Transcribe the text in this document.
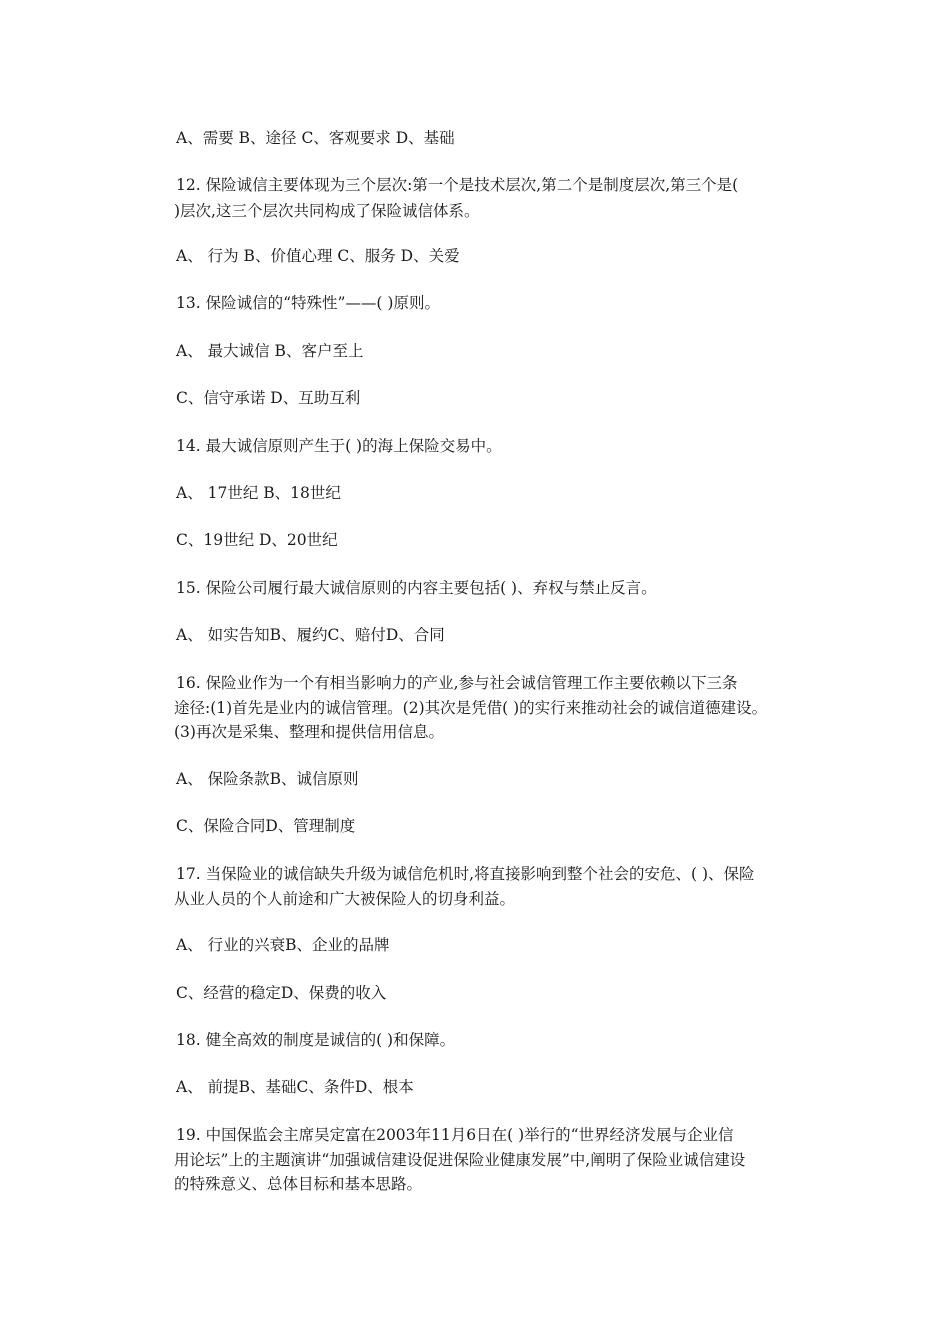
A、需要 B、途径 C、客观要求 D、基础
12. 保险诚信主要体现为三个层次:第一个是技术层次,第二个是制度层次,第三个是(
)层次,这三个层次共同构成了保险诚信体系。
A、 行为 B、价值心理 C、服务 D、关爱
13. 保险诚信的“特殊性”——( )原则。
A、 最大诚信 B、客户至上
C、信守承诺 D、互助互利
14. 最大诚信原则产生于( )的海上保险交易中。
A、 17世纪 B、18世纪
C、19世纪 D、20世纪
15. 保险公司履行最大诚信原则的内容主要包括( )、弃权与禁止反言。
A、 如实告知B、履约C、赔付D、合同
16. 保险业作为一个有相当影响力的产业,参与社会诚信管理工作主要依赖以下三条
途径:(1)首先是业内的诚信管理。(2)其次是凭借( )的实行来推动社会的诚信道德建设。
(3)再次是采集、整理和提供信用信息。
A、 保险条款B、诚信原则
C、保险合同D、管理制度
17. 当保险业的诚信缺失升级为诚信危机时,将直接影响到整个社会的安危、( )、保险
从业人员的个人前途和广大被保险人的切身利益。
A、 行业的兴衰B、企业的品牌
C、经营的稳定D、保费的收入
18. 健全高效的制度是诚信的( )和保障。
A、 前提B、基础C、条件D、根本
19. 中国保监会主席吴定富在2003年11月6日在( )举行的“世界经济发展与企业信
用论坛”上的主题演讲“加强诚信建设促进保险业健康发展”中,阐明了保险业诚信建设
的特殊意义、总体目标和基本思路。
